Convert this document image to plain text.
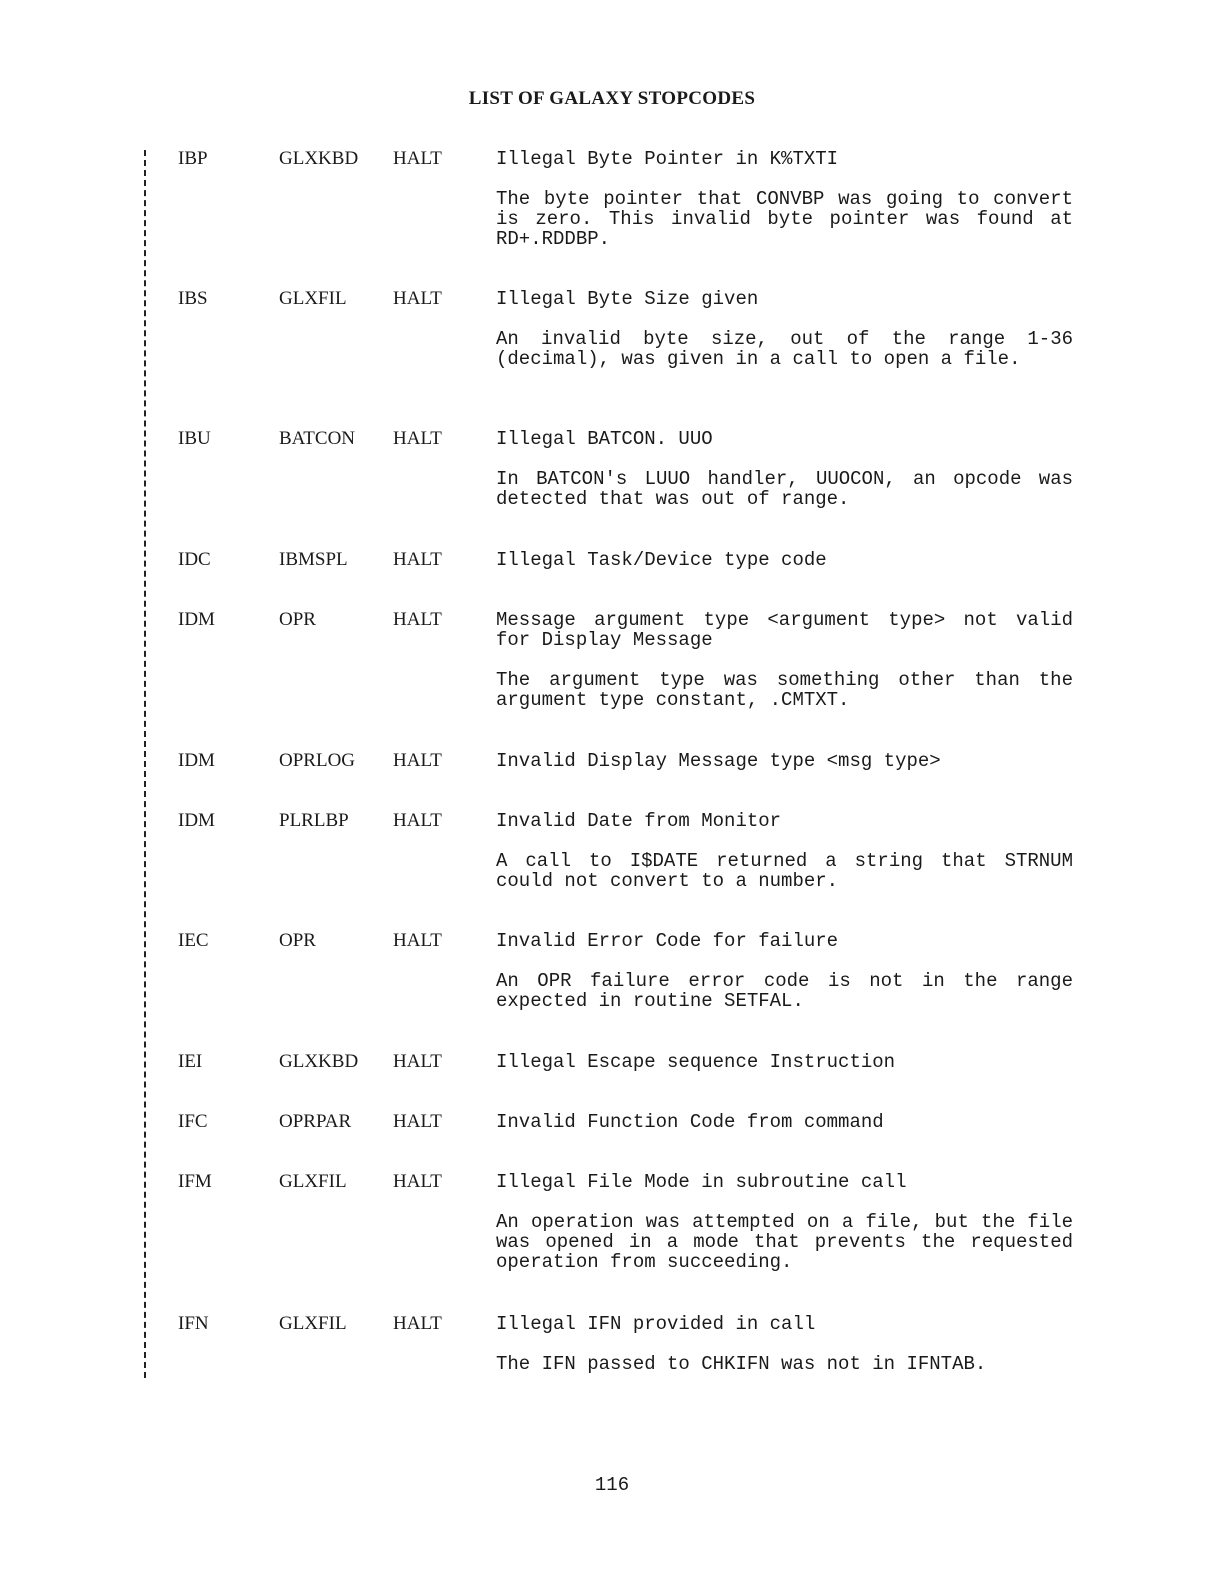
LIST OF GALAXY STOPCODES
IBP	GLXKBD HALT	Illegal Byte Pointer in K%TXTI
The byte pointer that CONVBP was going to convert is zero. This invalid byte pointer was found at RD+.RDDBP.
IBS	GLXFIL HALT	Illegal Byte Size given
An invalid byte size, out of the range 1-36 (decimal), was given in a call to open a file.
IBU	BATCON HALT	Illegal BATCON. UUO
In BATCON's LUUO handler, UUOCON, an opcode was detected that was out of range.
IDC	IBMSPL HALT	Illegal Task/Device type code
IDM	OPR	HALT	Message argument type <argument type> not valid for Display Message
The argument type was something other than the argument type constant, .CMTXT.
IDM	OPRLOG HALT	Invalid Display Message type <msg type>
IDM	PLRLBP HALT	Invalid Date from Monitor
A call to I$DATE returned a string that STRNUM could not convert to a number.
IEC	OPR	HALT	Invalid Error Code for failure
An OPR failure error code is not in the range expected in routine SETFAL.
IEI	GLXKBD HALT	Illegal Escape sequence Instruction
IFC	OPRPAR HALT	Invalid Function Code from command
IFM	GLXFIL HALT	Illegal File Mode in subroutine call
An operation was attempted on a file, but the file was opened in a mode that prevents the requested operation from succeeding.
IFN	GLXFIL HALT	Illegal IFN provided in call
The IFN passed to CHKIFN was not in IFNTAB.
116
